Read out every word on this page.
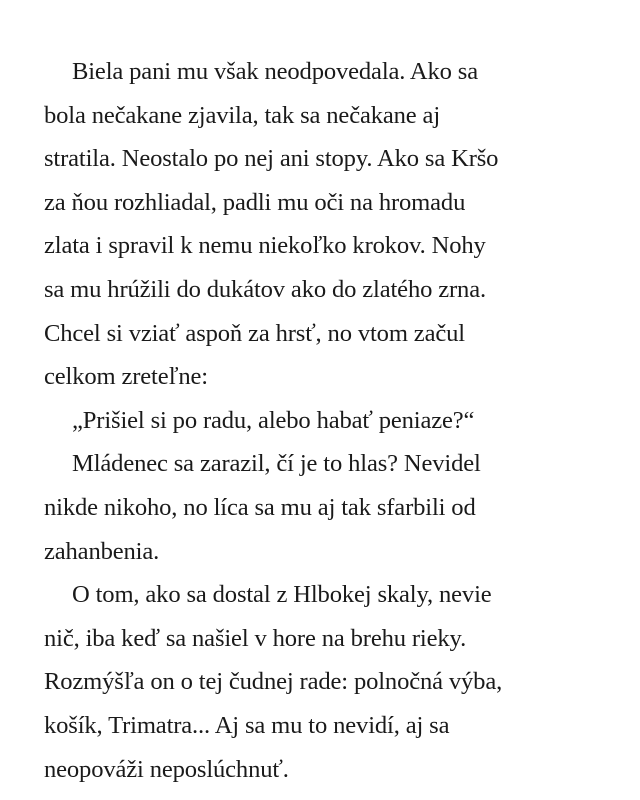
Biela pani mu však neodpovedala. Ako sa
bola nečakane zjavila, tak sa nečakane aj
stratila. Neostalo po nej ani stopy. Ako sa Kršo
za ňou rozhliadal, padli mu oči na hromadu
zlata i spravil k nemu niekoľko krokov. Nohy
sa mu hrúžili do dukátov ako do zlatého zrna.
Chcel si vziať aspoň za hrsť, no vtom začul
celkom zreteľne:
„Prišiel si po radu, alebo habať peniaze?“
Mládenec sa zarazil, čí je to hlas? Nevidel
nikde nikoho, no líca sa mu aj tak sfarbili od
zahanbenia.
O tom, ako sa dostal z Hlbokej skaly, nevie
nič, iba keď sa našiel v hore na brehu rieky.
Rozmýšľa on o tej čudnej rade: polnočná výba,
košík, Trimatra... Aj sa mu to nevidí, aj sa
neopováži neposlúchnuť.
